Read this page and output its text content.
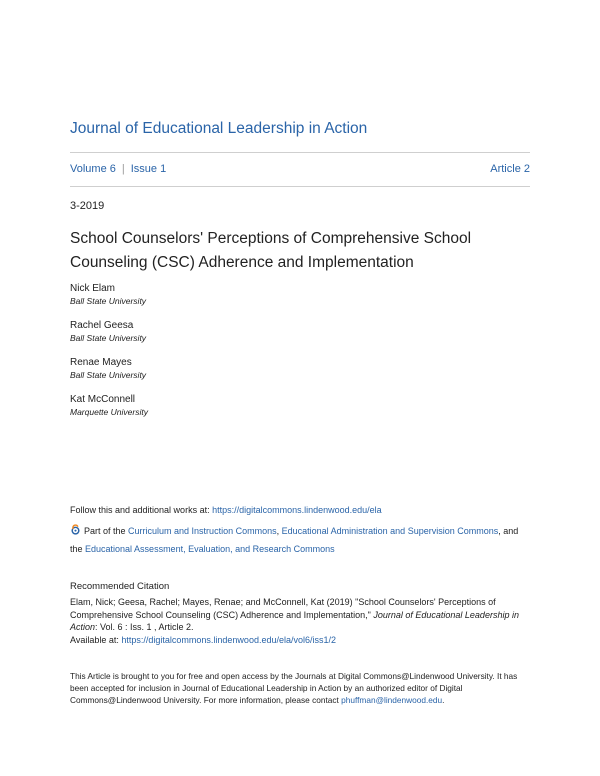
Journal of Educational Leadership in Action
Volume 6 | Issue 1	Article 2
3-2019
School Counselors' Perceptions of Comprehensive School Counseling (CSC) Adherence and Implementation
Nick Elam
Ball State University
Rachel Geesa
Ball State University
Renae Mayes
Ball State University
Kat McConnell
Marquette University
Follow this and additional works at: https://digitalcommons.lindenwood.edu/ela
Part of the Curriculum and Instruction Commons, Educational Administration and Supervision Commons, and the Educational Assessment, Evaluation, and Research Commons
Recommended Citation
Elam, Nick; Geesa, Rachel; Mayes, Renae; and McConnell, Kat (2019) "School Counselors' Perceptions of Comprehensive School Counseling (CSC) Adherence and Implementation," Journal of Educational Leadership in Action: Vol. 6 : Iss. 1 , Article 2.
Available at: https://digitalcommons.lindenwood.edu/ela/vol6/iss1/2
This Article is brought to you for free and open access by the Journals at Digital Commons@Lindenwood University. It has been accepted for inclusion in Journal of Educational Leadership in Action by an authorized editor of Digital Commons@Lindenwood University. For more information, please contact phuffman@lindenwood.edu.
